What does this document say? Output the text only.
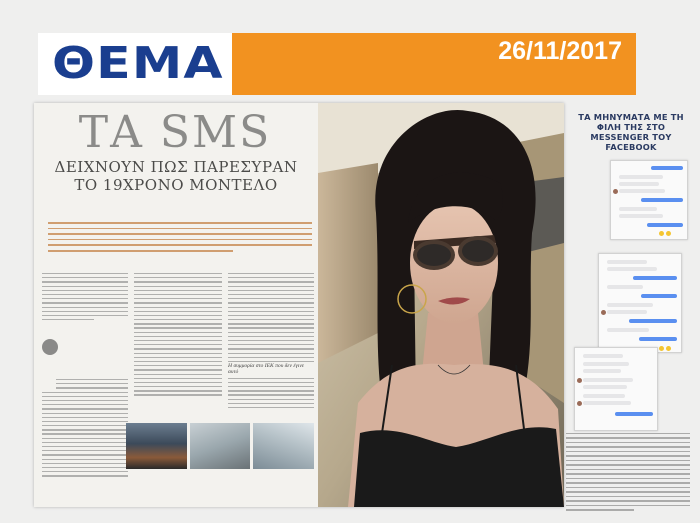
ΘΕΜΑ	26/11/2017
ΤΑ SMS
ΔΕΙΧΝΟΥΝ ΠΩΣ ΠΑΡΕΣΥΡΑΝ ΤΟ 19ΧΡΟΝΟ ΜΟΝΤΕΛΟ
Η συμμορία στο ΙΕΚ που δεν έγινε αυτό
ΤΑ ΜΗΝΥΜΑΤΑ ΜΕ ΤΗ ΦΙΛΗ ΤΗΣ ΣΤΟ MESSENGER ΤΟΥ FACEBOOK
